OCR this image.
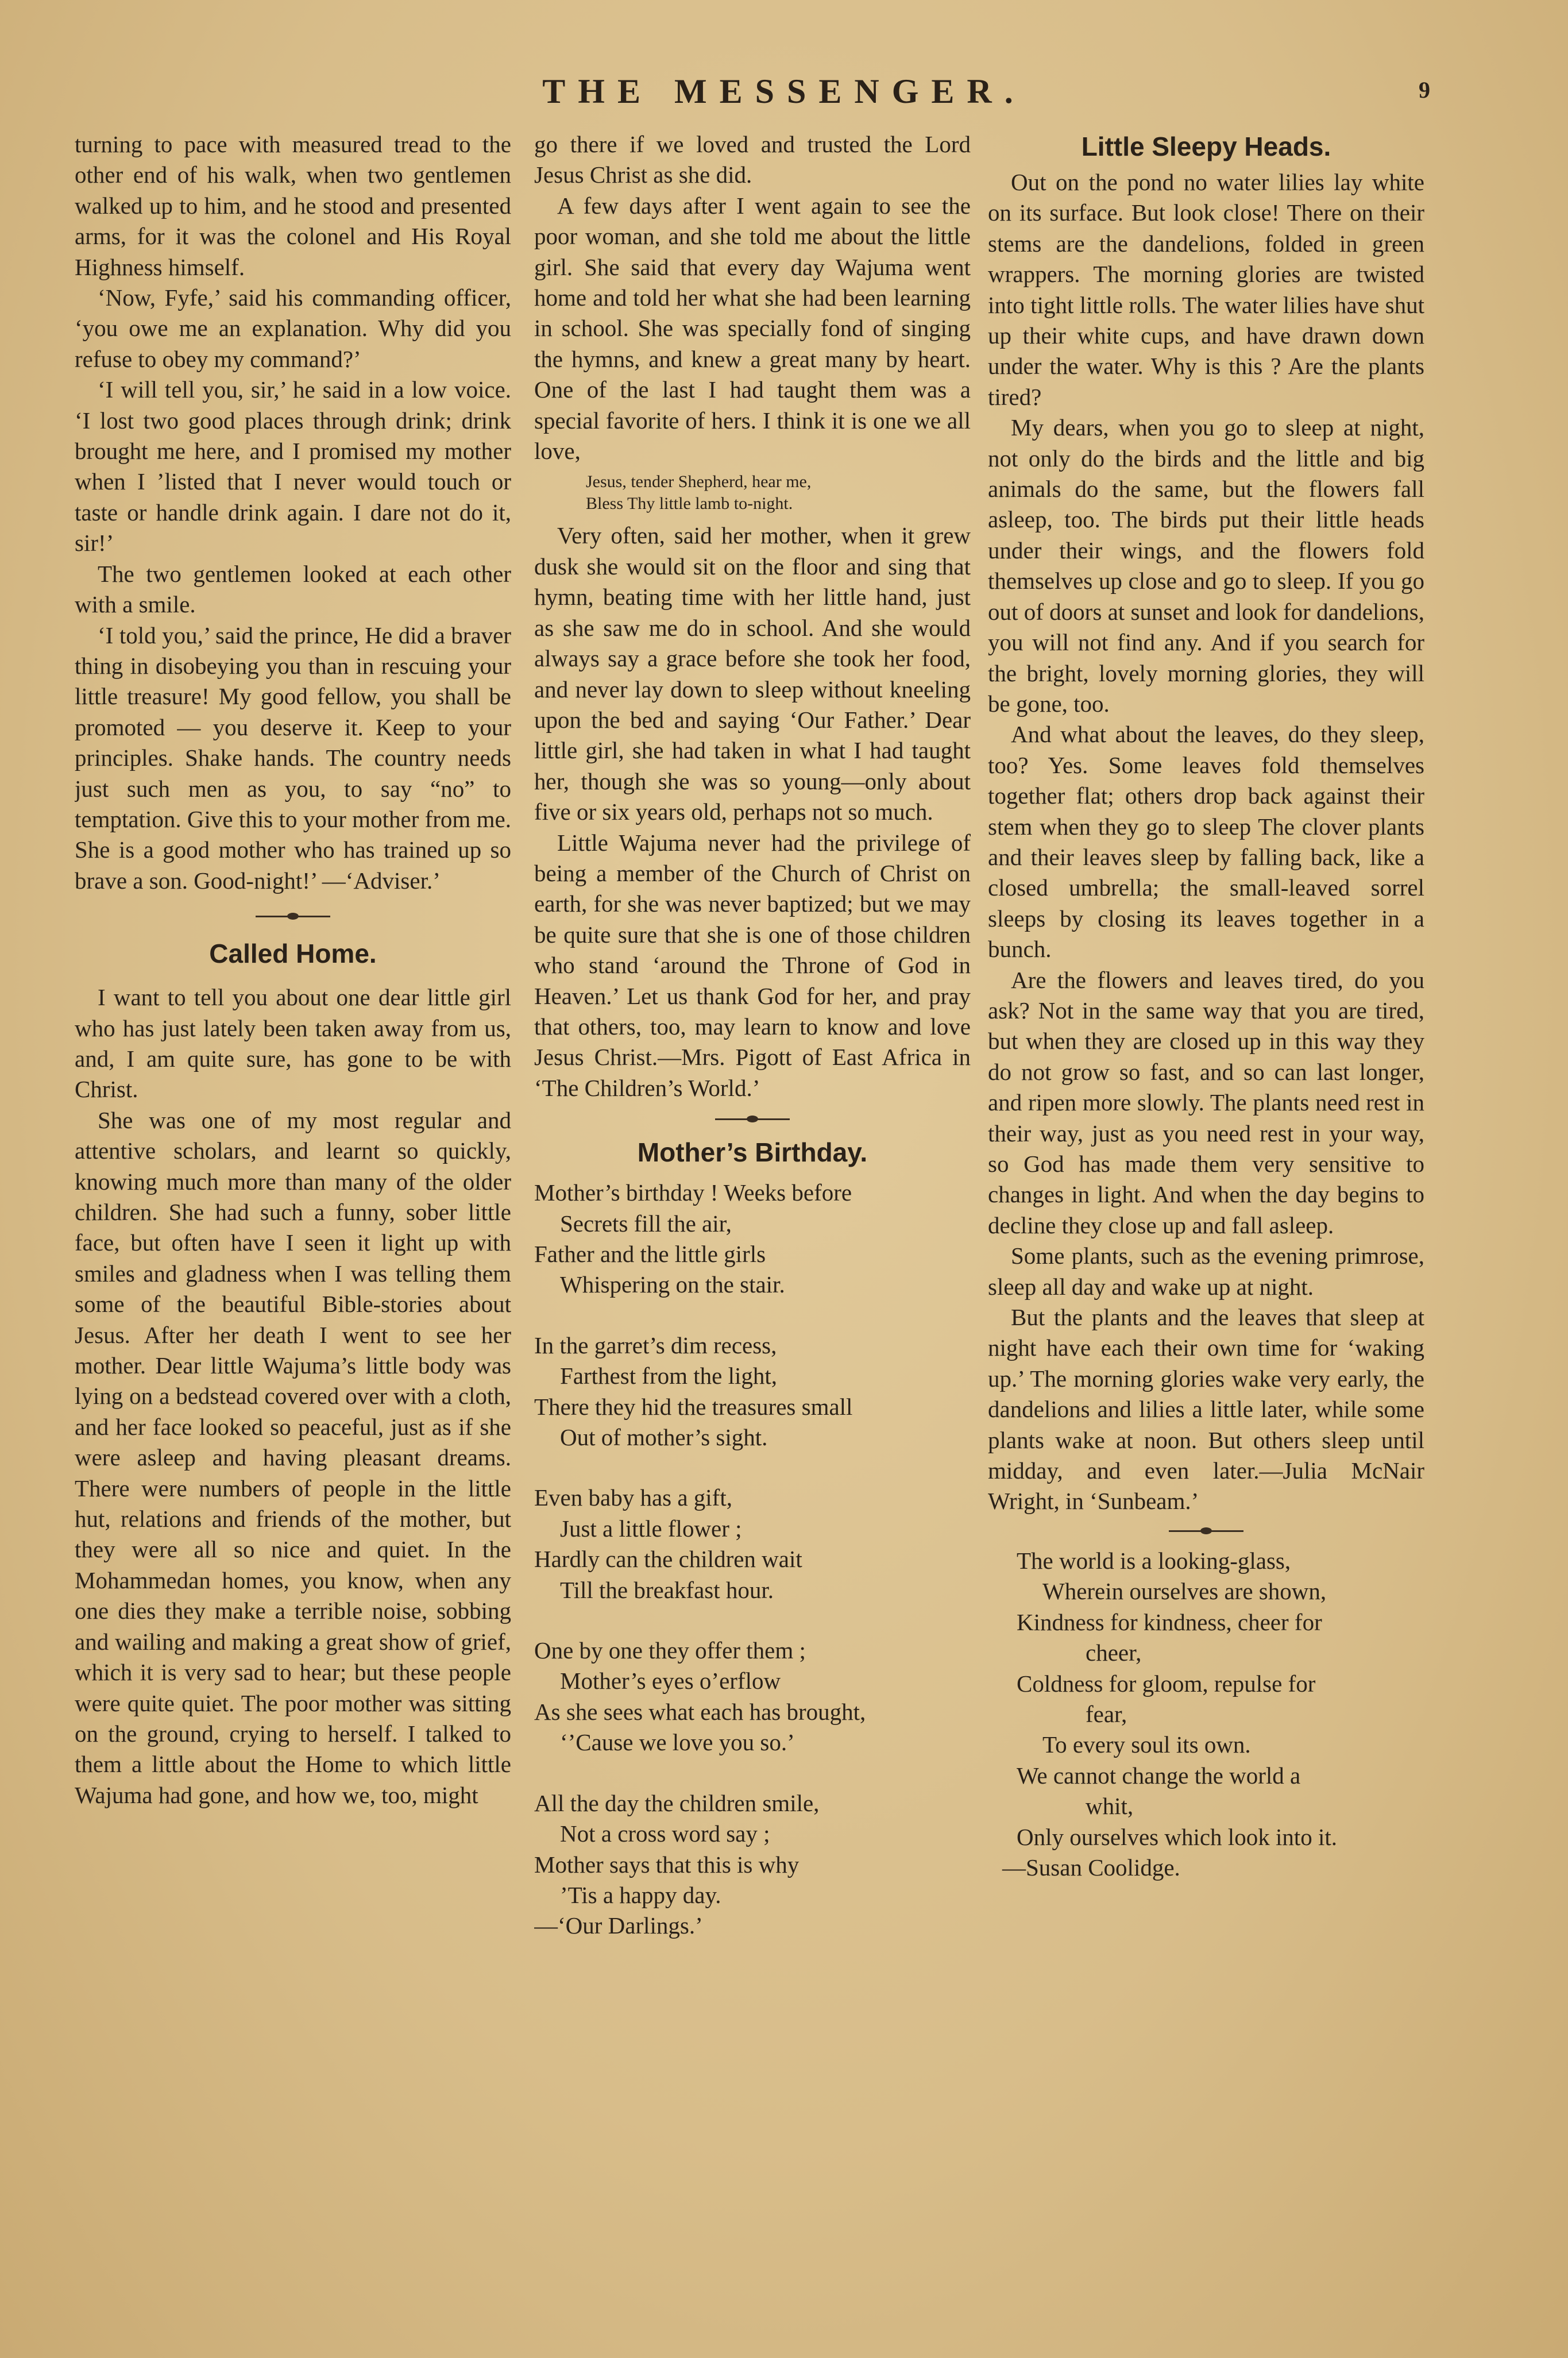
THE MESSENGER.	9

turning to pace with measured tread to the other end of his walk, when two gentlemen walked up to him, and he stood and presented arms, for it was the colonel and His Royal Highness himself.

‘Now, Fyfe,’ said his commanding officer, ‘you owe me an explanation. Why did you refuse to obey my command?’

‘I will tell you, sir,’ he said in a low voice. ‘I lost two good places through drink; drink brought me here, and I promised my mother when I ’listed that I never would touch or taste or handle drink again. I dare not do it, sir!’

The two gentlemen looked at each other with a smile.

‘I told you,’ said the prince, He did a braver thing in disobeying you than in rescuing your little treasure! My good fellow, you shall be promoted — you deserve it. Keep to your principles. Shake hands. The country needs just such men as you, to say “no” to temptation. Give this to your mother from me. She is a good mother who has trained up so brave a son. Good-night!’ —‘Adviser.’

Called Home.

I want to tell you about one dear little girl who has just lately been taken away from us, and, I am quite sure, has gone to be with Christ.

She was one of my most regular and attentive scholars, and learnt so quickly, knowing much more than many of the older children. She had such a funny, sober little face, but often have I seen it light up with smiles and gladness when I was telling them some of the beautiful Bible-stories about Jesus. After her death I went to see her mother. Dear little Wajuma’s little body was lying on a bedstead covered over with a cloth, and her face looked so peaceful, just as if she were asleep and having pleasant dreams. There were numbers of people in the little hut, relations and friends of the mother, but they were all so nice and quiet. In the Mohammedan homes, you know, when any one dies they make a terrible noise, sobbing and wailing and making a great show of grief, which it is very sad to hear; but these people were quite quiet. The poor mother was sitting on the ground, crying to herself. I talked to them a little about the Home to which little Wajuma had gone, and how we, too, might

go there if we loved and trusted the Lord Jesus Christ as she did.

A few days after I went again to see the poor woman, and she told me about the little girl. She said that every day Wajuma went home and told her what she had been learning in school. She was specially fond of singing the hymns, and knew a great many by heart. One of the last I had taught them was a special favorite of hers. I think it is one we all love,

Jesus, tender Shepherd, hear me,
Bless Thy little lamb to-night.

Very often, said her mother, when it grew dusk she would sit on the floor and sing that hymn, beating time with her little hand, just as she saw me do in school. And she would always say a grace before she took her food, and never lay down to sleep without kneeling upon the bed and saying ‘Our Father.’ Dear little girl, she had taken in what I had taught her, though she was so young—only about five or six years old, perhaps not so much.

Little Wajuma never had the privilege of being a member of the Church of Christ on earth, for she was never baptized; but we may be quite sure that she is one of those children who stand ‘around the Throne of God in Heaven.’ Let us thank God for her, and pray that others, too, may learn to know and love Jesus Christ.—Mrs. Pigott of East Africa in ‘The Children’s World.’

Mother’s Birthday.
Mother’s birthday ! Weeks before
Secrets fill the air,
Father and the little girls
Whispering on the stair.
In the garret’s dim recess,
Farthest from the light,
There they hid the treasures small
Out of mother’s sight.
Even baby has a gift,
Just a little flower ;
Hardly can the children wait
Till the breakfast hour.
One by one they offer them ;
Mother’s eyes o’erflow
As she sees what each has brought,
‘’Cause we love you so.’
All the day the children smile,
Not a cross word say ;
Mother says that this is why
’Tis a happy day.
—‘Our Darlings.’
Little Sleepy Heads.

Out on the pond no water lilies lay white on its surface. But look close! There on their stems are the dandelions, folded in green wrappers. The morning glories are twisted into tight little rolls. The water lilies have shut up their white cups, and have drawn down under the water. Why is this ? Are the plants tired?

My dears, when you go to sleep at night, not only do the birds and the little and big animals do the same, but the flowers fall asleep, too. The birds put their little heads under their wings, and the flowers fold themselves up close and go to sleep. If you go out of doors at sunset and look for dandelions, you will not find any. And if you search for the bright, lovely morning glories, they will be gone, too.

And what about the leaves, do they sleep, too? Yes. Some leaves fold themselves together flat; others drop back against their stem when they go to sleep The clover plants and their leaves sleep by falling back, like a closed umbrella; the small-leaved sorrel sleeps by closing its leaves together in a bunch.

Are the flowers and leaves tired, do you ask? Not in the same way that you are tired, but when they are closed up in this way they do not grow so fast, and so can last longer, and ripen more slowly. The plants need rest in their way, just as you need rest in your way, so God has made them very sensitive to changes in light. And when the day begins to decline they close up and fall asleep.

Some plants, such as the evening primrose, sleep all day and wake up at night.

But the plants and the leaves that sleep at night have each their own time for ‘waking up.’ The morning glories wake very early, the dandelions and lilies a little later, while some plants wake at noon. But others sleep until midday, and even later.—Julia McNair Wright, in ‘Sunbeam.’

The world is a looking-glass,
Wherein ourselves are shown,
Kindness for kindness, cheer for
cheer,
Coldness for gloom, repulse for
fear,
To every soul its own.
We cannot change the world a
whit,
Only ourselves which look into it.
—Susan Coolidge.
